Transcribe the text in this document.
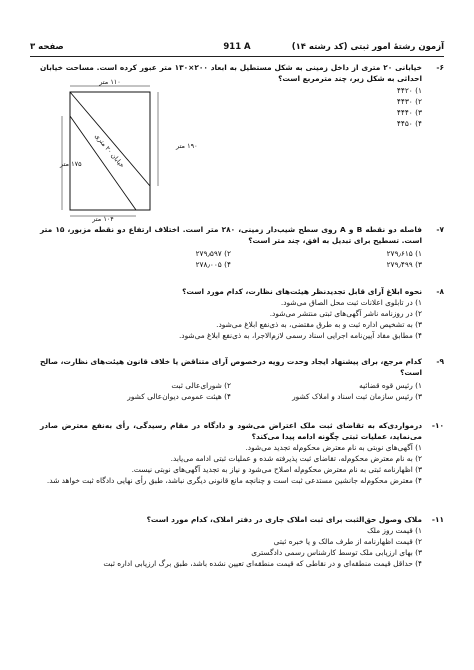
آزمون رشتهٔ امور ثبتی (کد رشته ۱۴)
911 A
صفحه ۳
-۶
خیابانی ۲۰ متری از داخل زمینی به شکل مستطیل به ابعاد ۲۰۰×۱۳۰ متر عبور کرده است. مساحت خیابان احداثی به شکل زیر، چند مترمربع است؟
۱) ۴۴۲۰
۲) ۴۴۳۰
۳) ۴۴۴۰
۴) ۴۴۵۰
۱۱۰ متر
۱۷۵ متر
۱۹۰ متر
۱۰۴ متر
خیابان ۲۰ متری
-۷
فاصله دو نقطه B و A روی سطح شیب‌دار زمینی، ۲۸۰ متر است. اختلاف ارتفاع دو نقطه مزبور، ۱۵ متر است. تسطیح برای تبدیل به افق، چند متر است؟
۱) ۲۷۹٫۶۱۵
۲) ۲۷۹٫۵۹۷
۳) ۲۷۹٫۴۹۹
۴) ۲۷۸٫۰۰۵
-۸
نحوه ابلاغ آرای قابل تجدیدنظر هیئت‌های نظارت، کدام مورد است؟
۱) در تابلوی اعلانات ثبت محل الصاق می‌شود.
۲) در روزنامه ناشر آگهی‌های ثبتی منتشر می‌شود.
۳) به تشخیص اداره ثبت و به طرق مقتضی، به ذی‌نفع ابلاغ می‌شود.
۴) مطابق مفاد آیین‌نامه اجرایی اسناد رسمی لازم‌الاجرا، به ذی‌نفع ابلاغ می‌شود.
-۹
کدام مرجع، برای پیشنهاد ایجاد وحدت رویه درخصوص آرای متناقض یا خلاف قانون هیئت‌های نظارت، صالح است؟
۱) رئیس قوه قضائیه
۲) شورای‌عالی ثبت
۳) رئیس سازمان ثبت اسناد و املاک کشور
۴) هیئت عمومی دیوان‌عالی کشور
-۱۰
درمواردی‌که به تقاضای ثبت ملک اعتراض می‌شود و دادگاه در مقام رسیدگی، رأی به‌نفع معترض صادر می‌نماید، عملیات ثبتی چگونه ادامه پیدا می‌کند؟
۱) آگهی‌های نوبتی به نام معترض محکوم‌له تجدید می‌شود.
۲) به نام معترض محکوم‌له، تقاضای ثبت پذیرفته شده و عملیات ثبتی ادامه می‌یابد.
۳) اظهارنامه ثبتی به نام معترض محکوم‌له اصلاح می‌شود و نیاز به تجدید آگهی‌های نوبتی نیست.
۴) معترض محکوم‌له جانشین مستدعی ثبت است و چنانچه مانع قانونی دیگری نباشد، طبق رأی نهایی دادگاه ثبت خواهد شد.
-۱۱
ملاک وصول حق‌الثبت برای ثبت املاک جاری در دفتر املاک، کدام مورد است؟
۱) قیمت روز ملک
۲) قیمت اظهارنامه از طرف مالک و یا خبره ثبتی
۳) بهای ارزیابی ملک توسط کارشناس رسمی دادگستری
۴) حداقل قیمت منطقه‌ای و در نقاطی که قیمت منطقه‌ای تعیین نشده باشد، طبق برگ ارزیابی اداره ثبت
